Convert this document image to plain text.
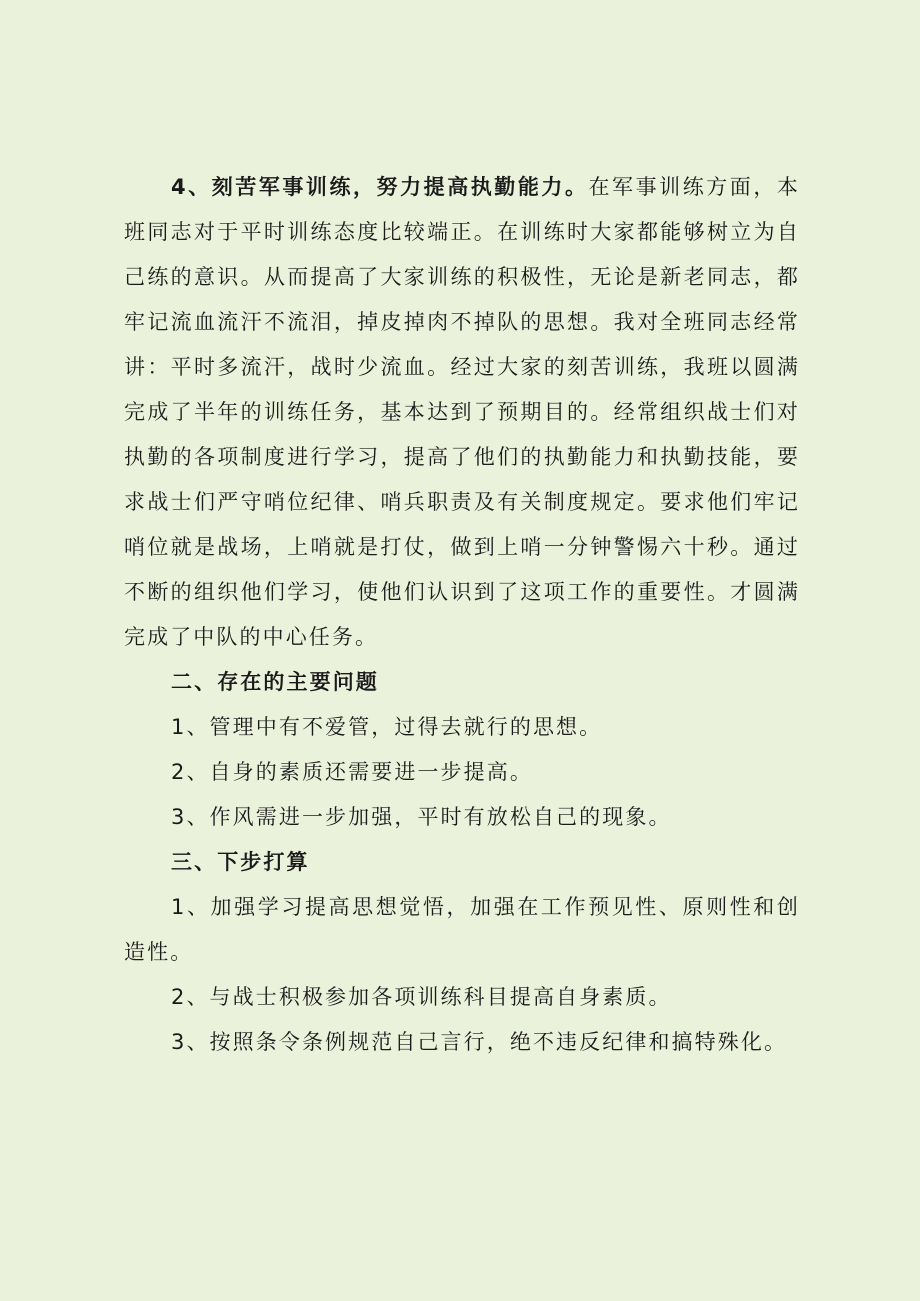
4、刻苦军事训练，努力提高执勤能力。在军事训练方面，本班同志对于平时训练态度比较端正。在训练时大家都能够树立为自己练的意识。从而提高了大家训练的积极性，无论是新老同志，都牢记流血流汗不流泪，掉皮掉肉不掉队的思想。我对全班同志经常讲：平时多流汗，战时少流血。经过大家的刻苦训练，我班以圆满完成了半年的训练任务，基本达到了预期目的。经常组织战士们对执勤的各项制度进行学习，提高了他们的执勤能力和执勤技能，要求战士们严守哨位纪律、哨兵职责及有关制度规定。要求他们牢记哨位就是战场，上哨就是打仗，做到上哨一分钟警惕六十秒。通过不断的组织他们学习，使他们认识到了这项工作的重要性。才圆满完成了中队的中心任务。

二、存在的主要问题

1、管理中有不爱管，过得去就行的思想。

2、自身的素质还需要进一步提高。

3、作风需进一步加强，平时有放松自己的现象。

三、下步打算

1、加强学习提高思想觉悟，加强在工作预见性、原则性和创造性。

2、与战士积极参加各项训练科目提高自身素质。

3、按照条令条例规范自己言行，绝不违反纪律和搞特殊化。
